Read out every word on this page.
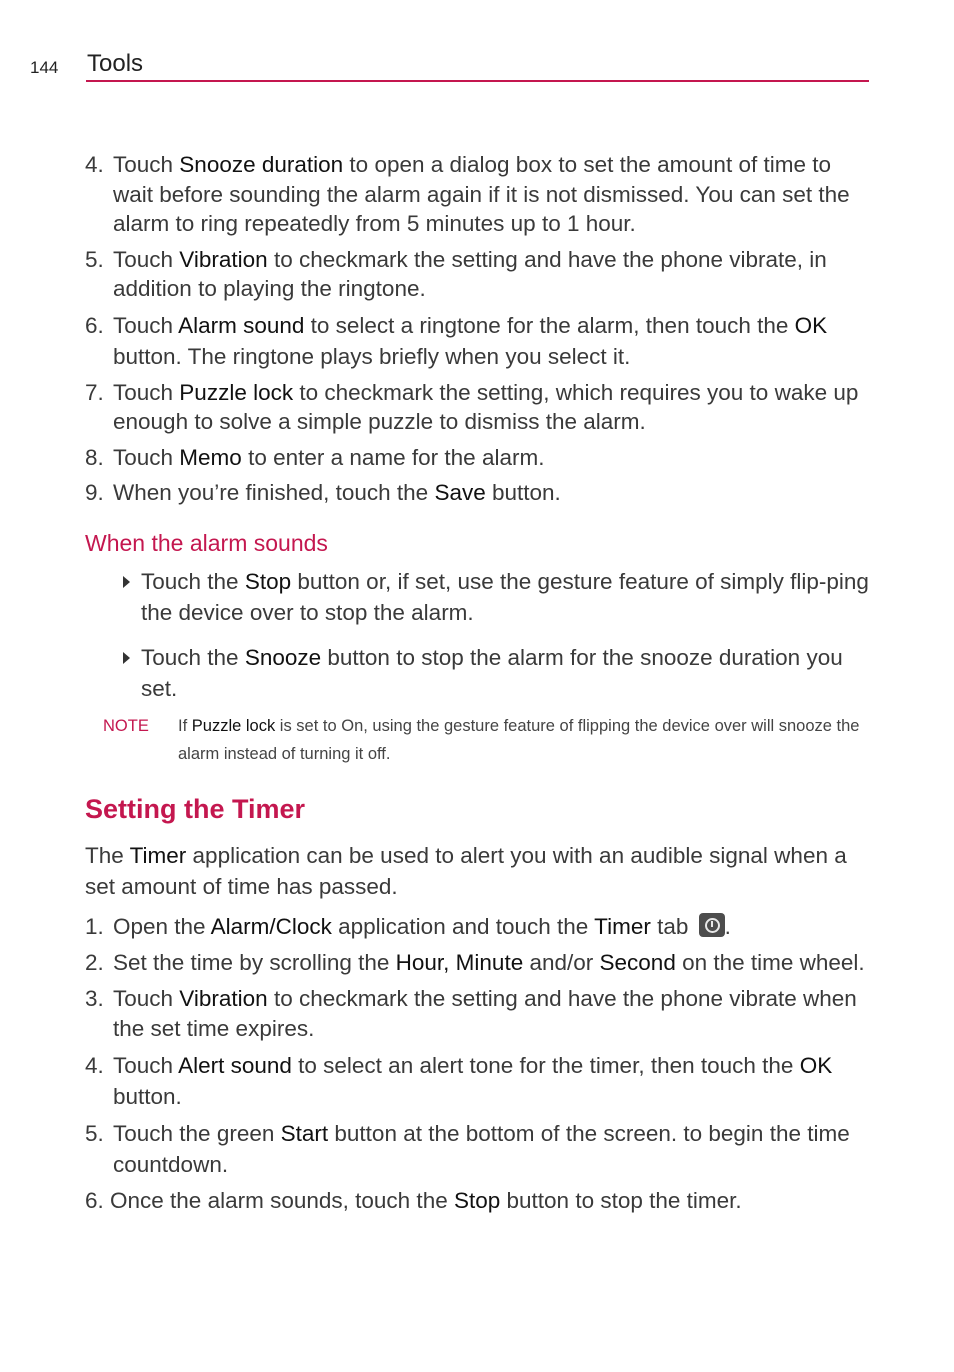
144 Tools
4. Touch Snooze duration to open a dialog box to set the amount of time to wait before sounding the alarm again if it is not dismissed. You can set the alarm to ring repeatedly from 5 minutes up to 1 hour.
5. Touch Vibration to checkmark the setting and have the phone vibrate, in addition to playing the ringtone.
6. Touch Alarm sound to select a ringtone for the alarm, then touch the OK button. The ringtone plays briefly when you select it.
7. Touch Puzzle lock to checkmark the setting, which requires you to wake up enough to solve a simple puzzle to dismiss the alarm.
8. Touch Memo to enter a name for the alarm.
9. When you’re finished, touch the Save button.
When the alarm sounds
Touch the Stop button or, if set, use the gesture feature of simply flip-ping the device over to stop the alarm.
Touch the Snooze button to stop the alarm for the snooze duration you set.
NOTE If Puzzle lock is set to On, using the gesture feature of flipping the device over will snooze the alarm instead of turning it off.
Setting the Timer

The Timer application can be used to alert you with an audible signal when a set amount of time has passed.

1. Open the Alarm/Clock application and touch the Timer tab .
2. Set the time by scrolling the Hour, Minute and/or Second on the time wheel.
3. Touch Vibration to checkmark the setting and have the phone vibrate when the set time expires.
4. Touch Alert sound to select an alert tone for the timer, then touch the OK button.
5. Touch the green Start button at the bottom of the screen. to begin the time countdown.
6. Once the alarm sounds, touch the Stop button to stop the timer.
